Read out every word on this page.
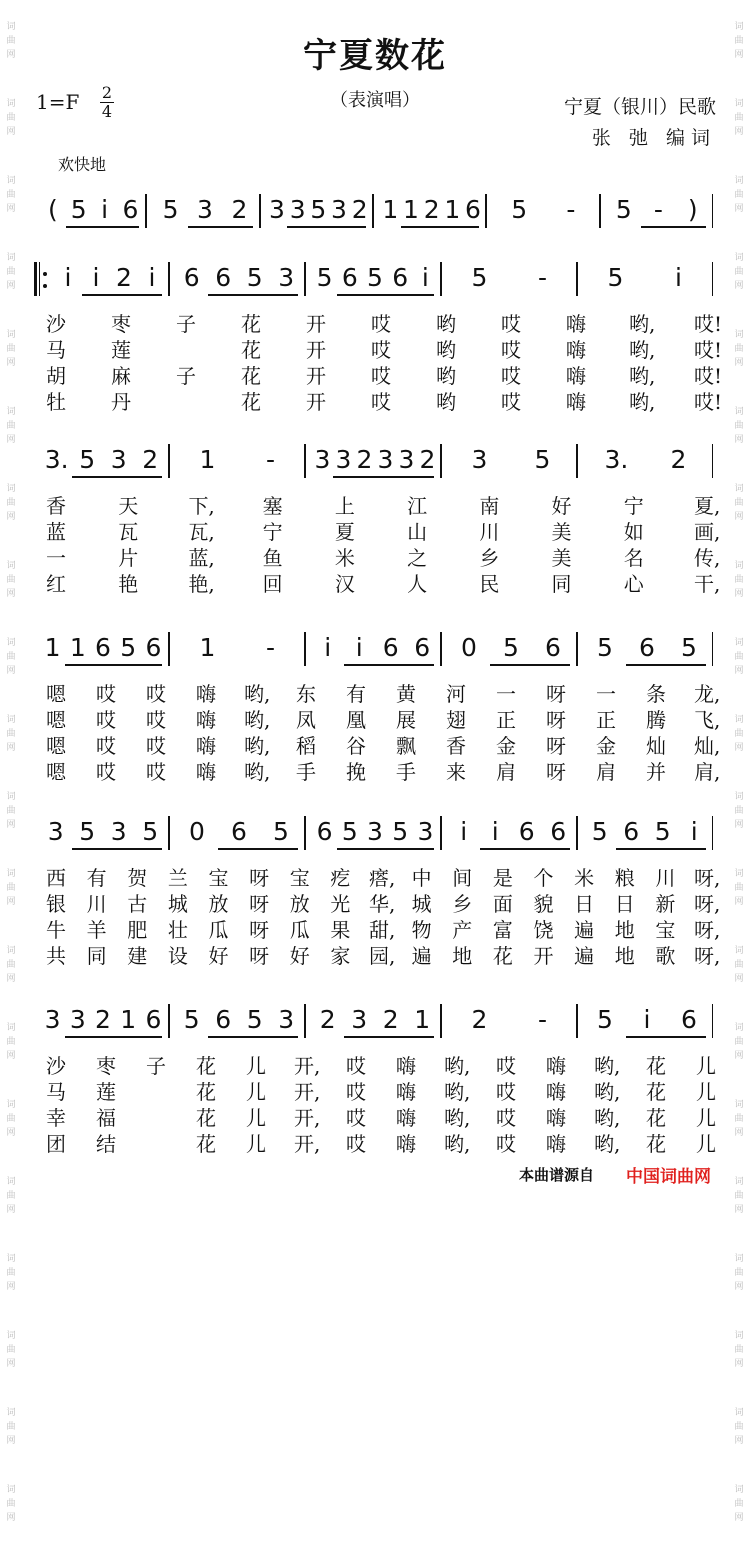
词曲网
词曲网
词曲网
词曲网
词曲网
词曲网
词曲网
词曲网
词曲网
词曲网
词曲网
词曲网
词曲网
词曲网
词曲网
词曲网
词曲网
词曲网
词曲网
词曲网
词曲网
词曲网
词曲网
词曲网
词曲网
词曲网
词曲网
词曲网
词曲网
词曲网
词曲网
词曲网
词曲网
词曲网
词曲网
词曲网
词曲网
词曲网
词曲网
词曲网
宁夏数花
（表演唱）
1=F 2
4	宁夏（银川）民歌
张 弛 编词
欢快地
( 5 i 6 5 3 2 3 3 5 3 2 1 1 2 1 6 5 - 5 - )
i i 2 i	6 6 5 3 5 6 5 6 i	5 - 5	i
沙 枣 子 花 开 哎 哟 哎 嗨 哟, 哎!
马 莲	花 开 哎 哟 哎 嗨 哟, 哎!
胡 麻 子 花 开 哎 哟 哎 嗨 哟, 哎!
牡 丹	花 开 哎 哟 哎 嗨 哟, 哎!
3. 5 3 2 1 - 3 3 2 3 3 2 3 5 3. 2
香	天	下, 塞	上	江	南	好	宁	夏,
蓝	瓦	瓦, 宁	夏	山	川	美	如	画,
一	片	蓝, 鱼	米	之	乡	美	名	传,
红	艳	艳, 回	汉	人	民	同	心	干,
1 1 6 5 6 1 -	i i 6 6 0 5 6 5 6 5
嗯 哎 哎 嗨 哟, 东 有 黄 河 一 呀 一 条 龙,
嗯 哎 哎 嗨 哟, 凤 凰 展 翅 正 呀 正 腾 飞,
嗯 哎 哎 嗨 哟, 稻 谷 飘 香 金 呀 金 灿 灿,
嗯 哎 哎 嗨 哟, 手 挽 手 来 肩 呀 肩 并 肩,
3 5 3 5 0 6 5 6 5 3 5 3	i i 6 6 5 6 5 i
西 有 贺 兰 宝 呀 宝 疙 瘩, 中 间 是 个 米 粮 川 呀,
银 川 古 城 放 呀 放 光 华, 城 乡 面 貌 日 日 新 呀,
牛 羊 肥 壮 瓜 呀 瓜 果 甜, 物 产 富 饶 遍 地 宝 呀,
共 同 建 设 好 呀 好 家 园, 遍 地 花 开 遍 地 歌 呀,
3 3 2 1 6 5 6 5 3 2 3 2 1 2 - 5	i	6
沙 枣 子 花 儿 开, 哎 嗨 哟, 哎 嗨 哟, 花 儿
马 莲	花 儿 开, 哎 嗨 哟, 哎 嗨 哟, 花 儿
幸 福	花 儿 开, 哎 嗨 哟, 哎 嗨 哟, 花 儿
团 结	花 儿 开, 哎 嗨 哟, 哎 嗨 哟, 花 儿
本曲谱源自 中国词曲网
